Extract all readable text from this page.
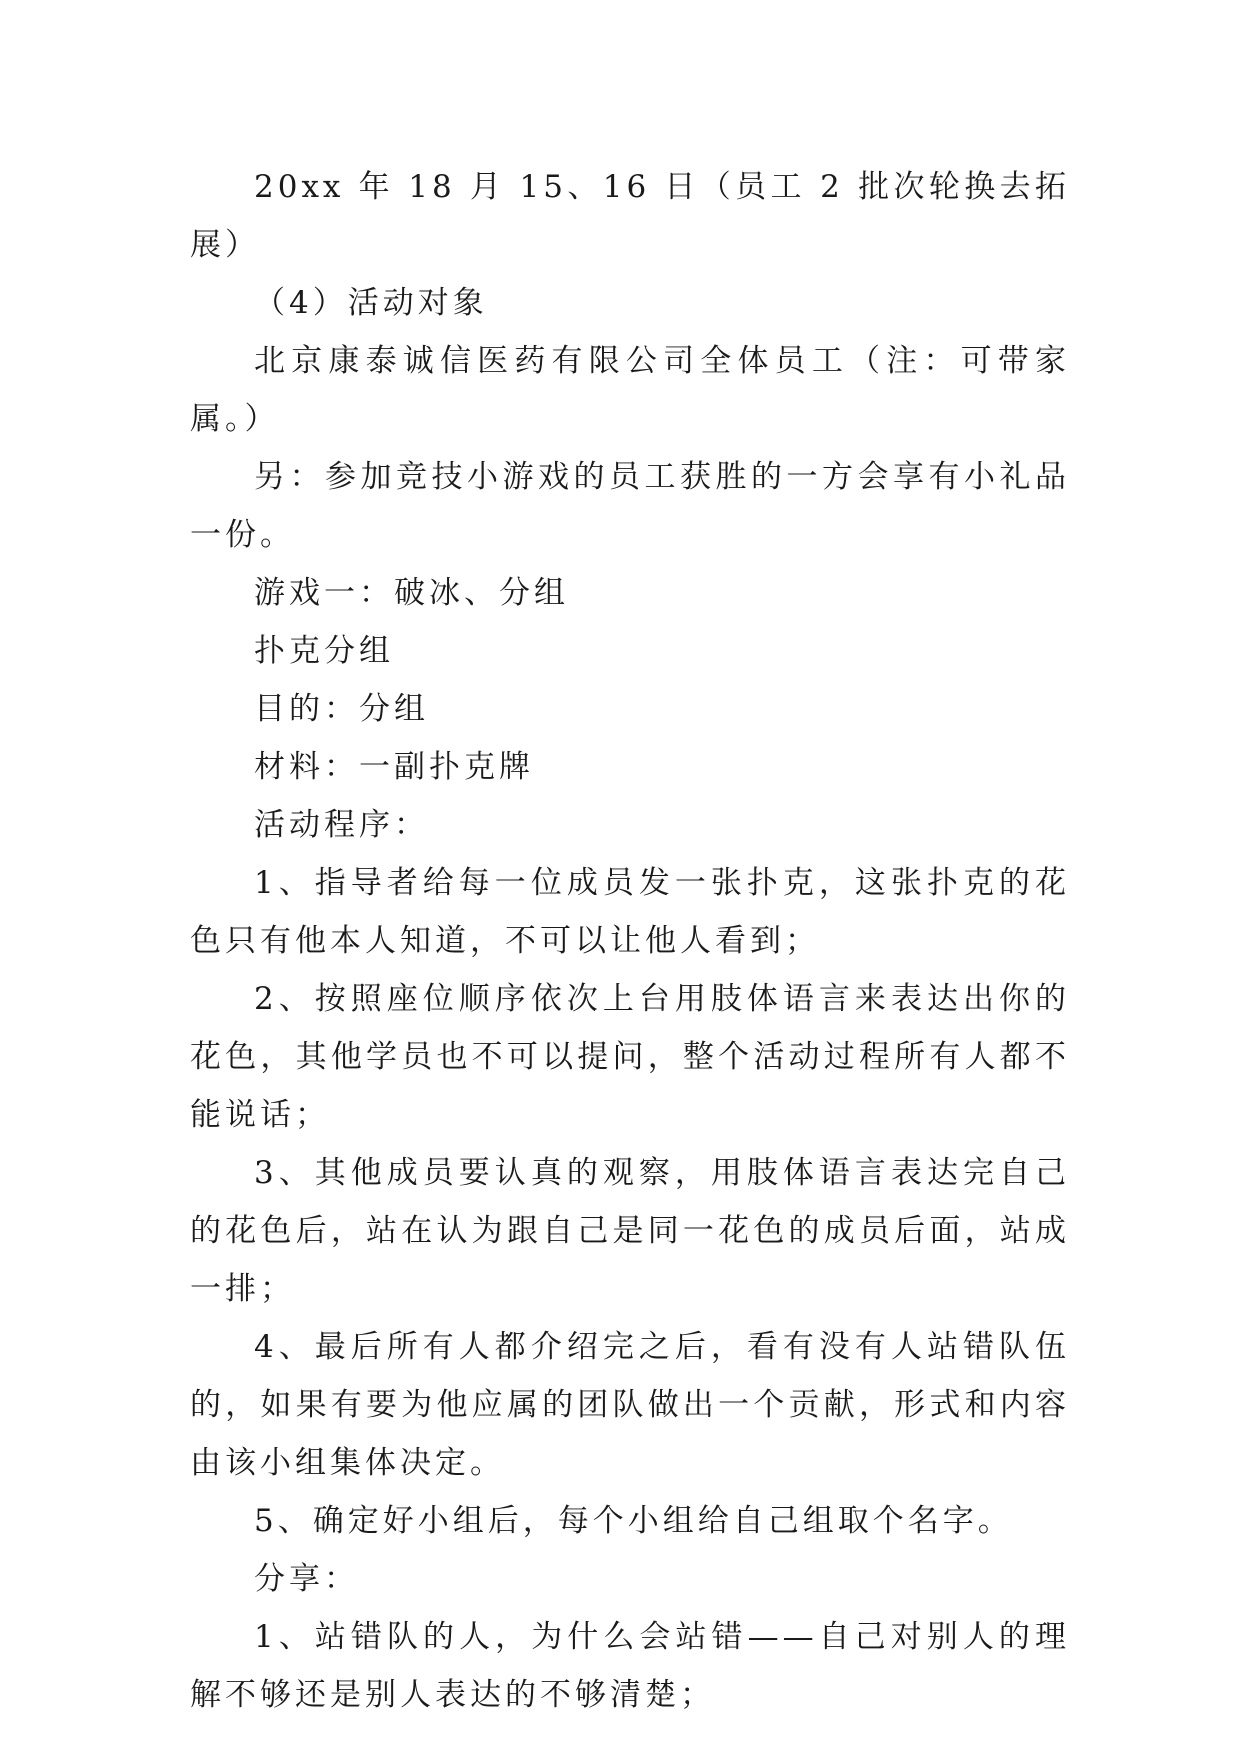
20xx 年 18 月 15、16 日（员工 2 批次轮换去拓展）

（4）活动对象

北京康泰诚信医药有限公司全体员工（注：可带家属。）

另：参加竞技小游戏的员工获胜的一方会享有小礼品一份。

游戏一：破冰、分组

扑克分组

目的：分组

材料：一副扑克牌

活动程序：

1、指导者给每一位成员发一张扑克，这张扑克的花色只有他本人知道，不可以让他人看到；

2、按照座位顺序依次上台用肢体语言来表达出你的花色，其他学员也不可以提问，整个活动过程所有人都不能说话；

3、其他成员要认真的观察，用肢体语言表达完自己的花色后，站在认为跟自己是同一花色的成员后面，站成一排；

4、最后所有人都介绍完之后，看有没有人站错队伍的，如果有要为他应属的团队做出一个贡献，形式和内容由该小组集体决定。

5、确定好小组后，每个小组给自己组取个名字。

分享：

1、站错队的人，为什么会站错——自己对别人的理解不够还是别人表达的不够清楚；
